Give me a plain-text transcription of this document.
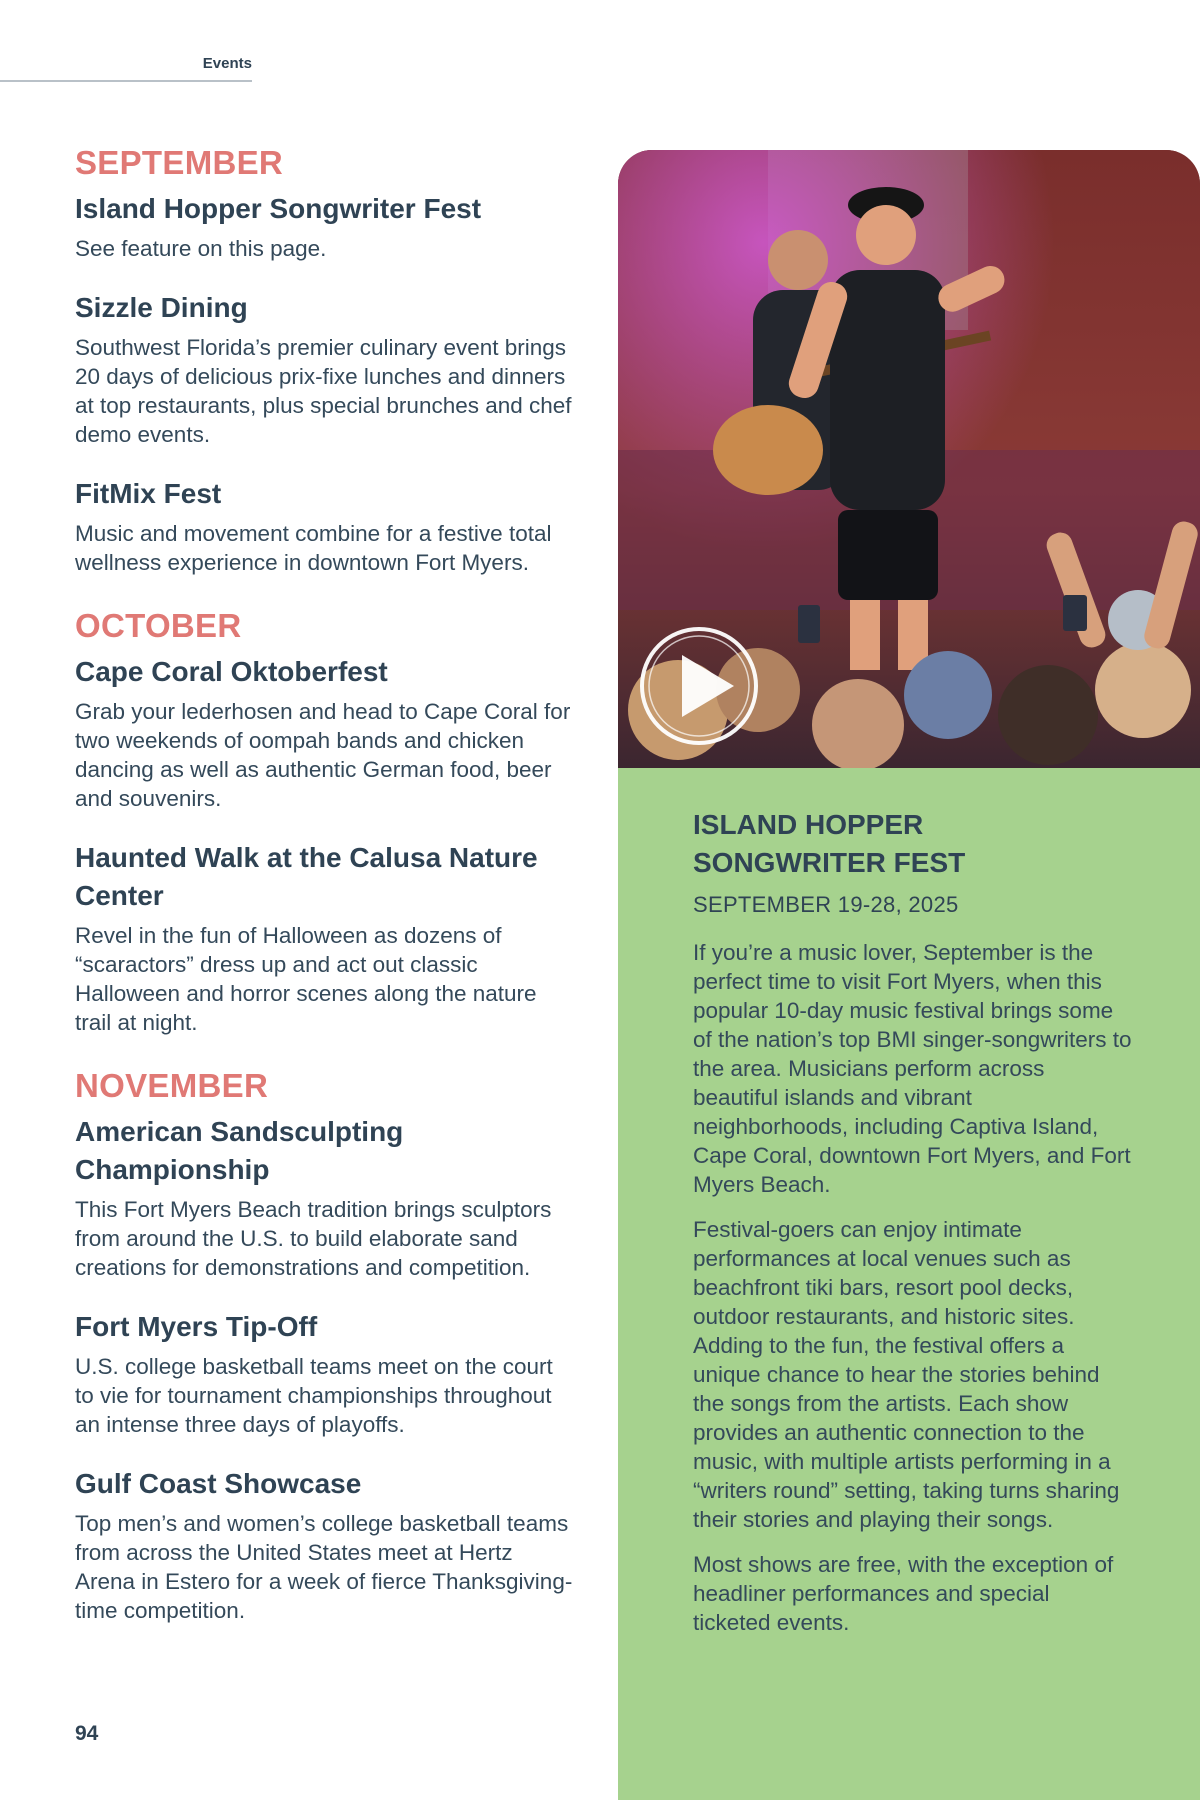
Events
SEPTEMBER
Island Hopper Songwriter Fest

See feature on this page.

Sizzle Dining

Southwest Florida’s premier culinary event brings 20 days of delicious prix-fixe lunches and dinners at top restaurants, plus special brunches and chef demo events.

FitMix Fest

Music and movement combine for a festive total wellness experience in downtown Fort Myers.

OCTOBER
Cape Coral Oktoberfest

Grab your lederhosen and head to Cape Coral for two weekends of oompah bands and chicken dancing as well as authentic German food, beer and souvenirs.

Haunted Walk at the Calusa Nature Center

Revel in the fun of Halloween as dozens of “scaractors” dress up and act out classic Halloween and horror scenes along the nature trail at night.

NOVEMBER
American Sandsculpting Championship

This Fort Myers Beach tradition brings sculptors from around the U.S. to build elaborate sand creations for demonstrations and competition.

Fort Myers Tip-Off

U.S. college basketball teams meet on the court to vie for tournament championships throughout an intense three days of playoffs.

Gulf Coast Showcase

Top men’s and women’s college basketball teams from across the United States meet at Hertz Arena in Estero for a week of fierce Thanksgiving-time competition.

94
ISLAND HOPPER
SONGWRITER FEST

SEPTEMBER 19-28, 2025

If you’re a music lover, September is the perfect time to visit Fort Myers, when this popular 10-day music festival brings some of the nation’s top BMI singer-songwriters to the area. Musicians perform across beautiful islands and vibrant neighborhoods, including Captiva Island, Cape Coral, downtown Fort Myers, and Fort Myers Beach.

Festival-goers can enjoy intimate performances at local venues such as beachfront tiki bars, resort pool decks, outdoor restaurants, and historic sites. Adding to the fun, the festival offers a unique chance to hear the stories behind the songs from the artists. Each show provides an authentic connection to the music, with multiple artists performing in a “writers round” setting, taking turns sharing their stories and playing their songs.

Most shows are free, with the exception of headliner performances and special ticketed events.
